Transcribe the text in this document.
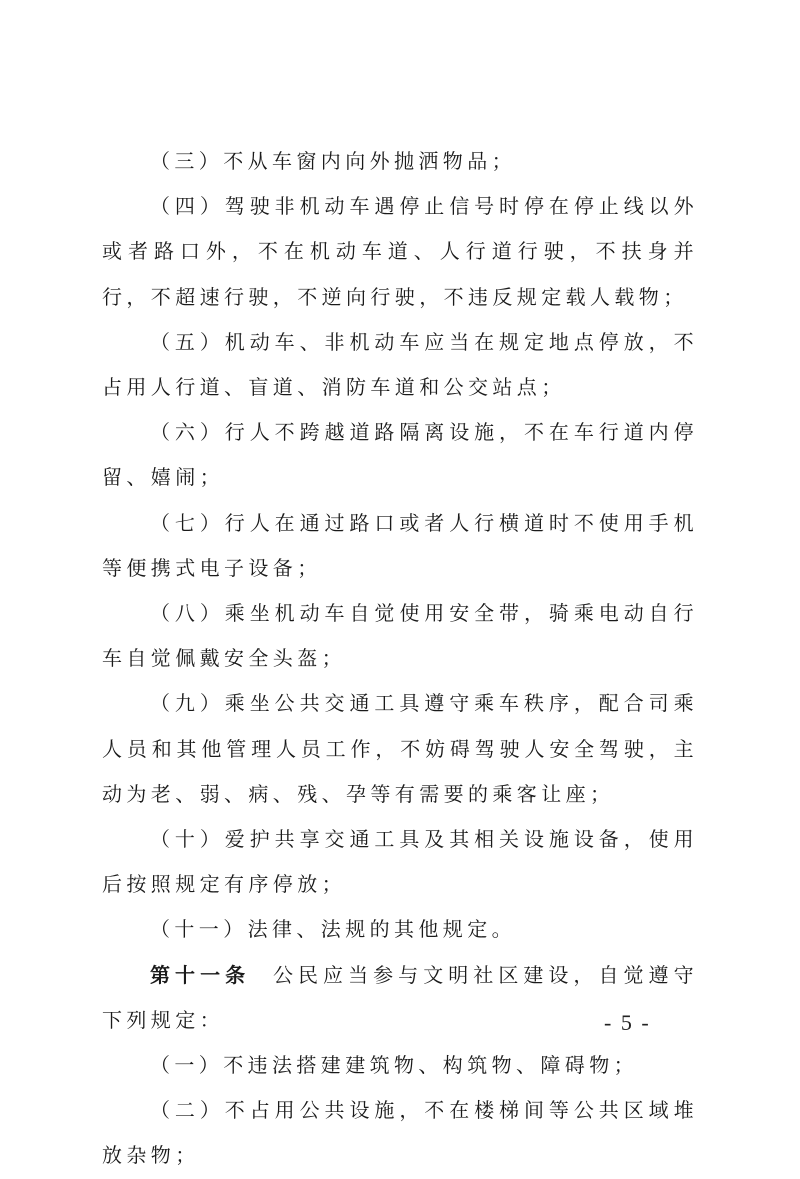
（三）不从车窗内向外抛洒物品；

（四）驾驶非机动车遇停止信号时停在停止线以外或者路口外，不在机动车道、人行道行驶，不扶身并行，不超速行驶，不逆向行驶，不违反规定载人载物；

（五）机动车、非机动车应当在规定地点停放，不占用人行道、盲道、消防车道和公交站点；

（六）行人不跨越道路隔离设施，不在车行道内停留、嬉闹；

（七）行人在通过路口或者人行横道时不使用手机等便携式电子设备；

（八）乘坐机动车自觉使用安全带，骑乘电动自行车自觉佩戴安全头盔；

（九）乘坐公共交通工具遵守乘车秩序，配合司乘人员和其他管理人员工作，不妨碍驾驶人安全驾驶，主动为老、弱、病、残、孕等有需要的乘客让座；

（十）爱护共享交通工具及其相关设施设备，使用后按照规定有序停放；

（十一）法律、法规的其他规定。

第十一条  公民应当参与文明社区建设，自觉遵守下列规定：

（一）不违法搭建建筑物、构筑物、障碍物；

（二）不占用公共设施，不在楼梯间等公共区域堆放杂物；

- 5 -
